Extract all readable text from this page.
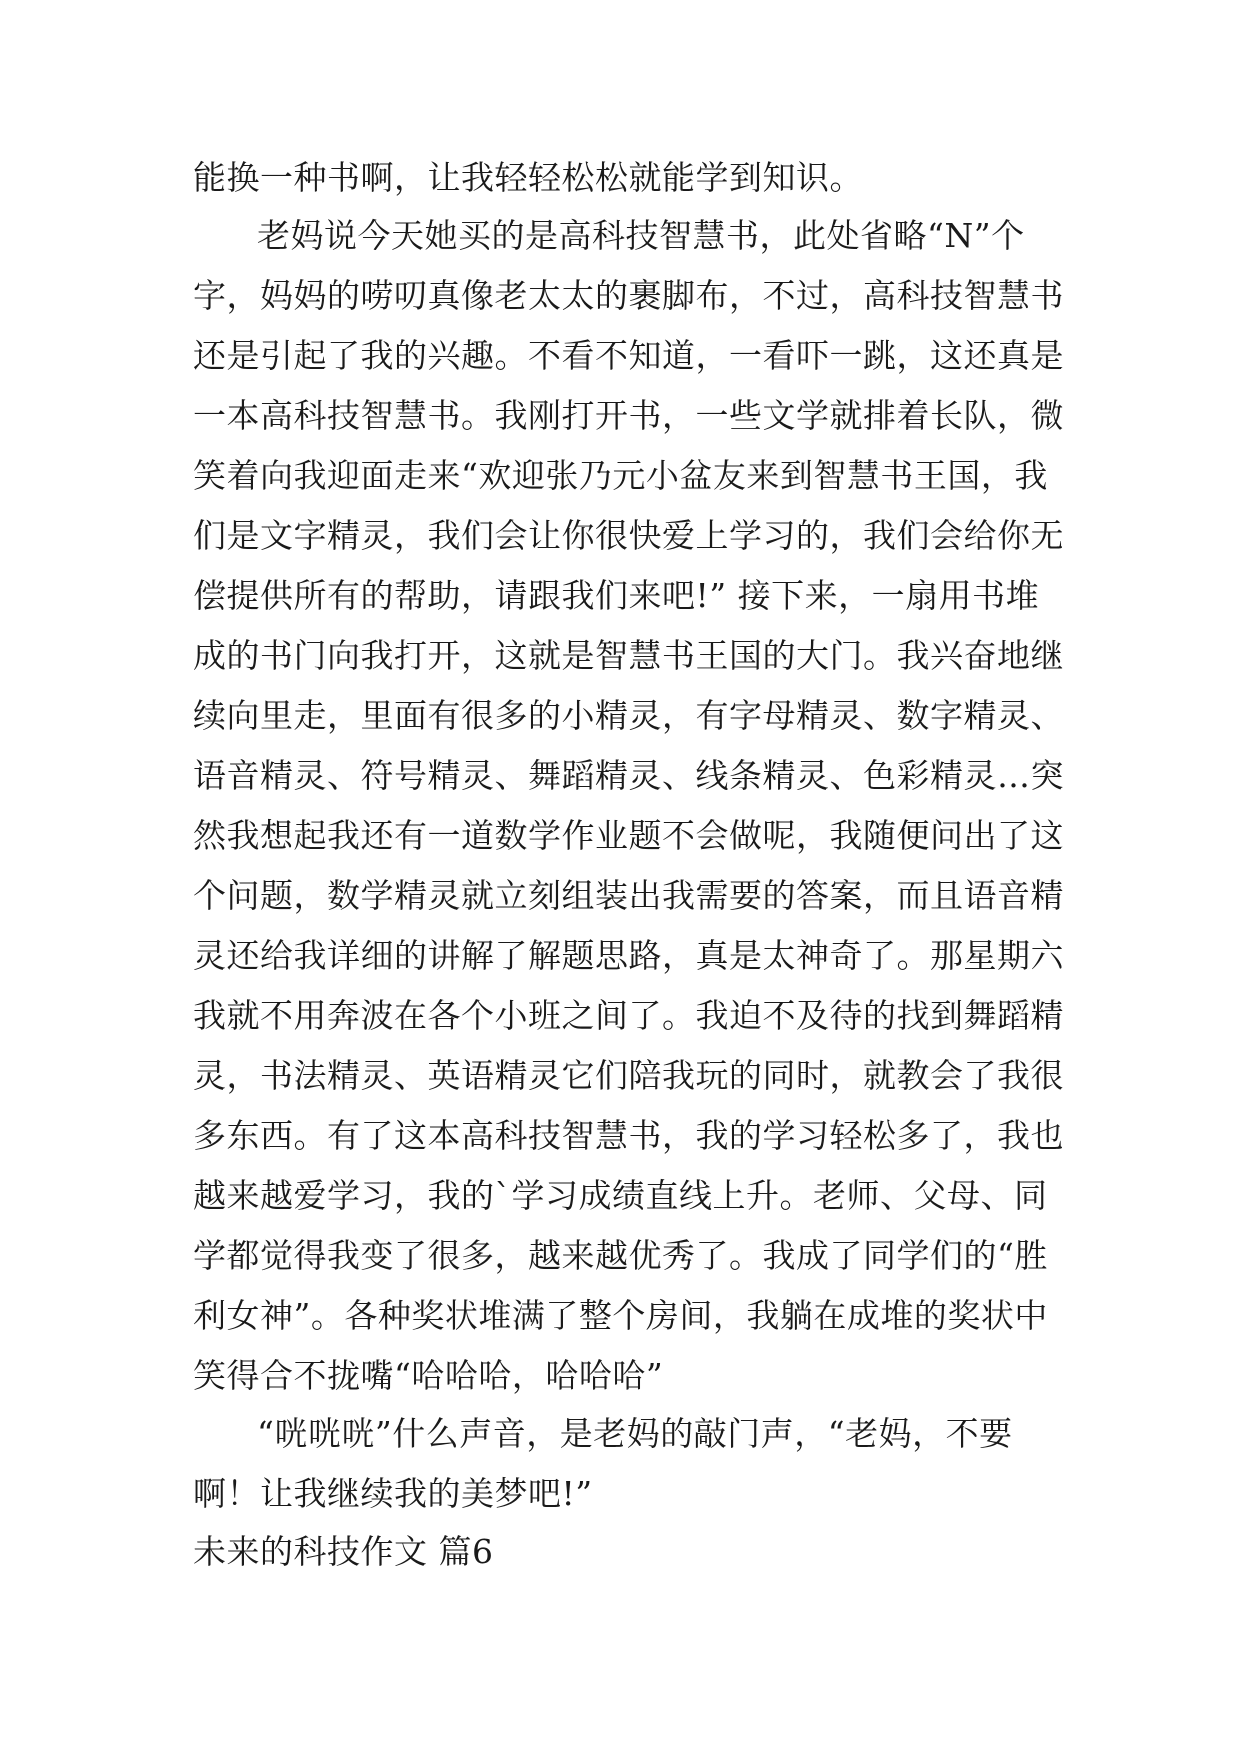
能换一种书啊，让我轻轻松松就能学到知识。
老妈说今天她买的是高科技智慧书，此处省略“N”个
字，妈妈的唠叨真像老太太的裹脚布，不过，高科技智慧书
还是引起了我的兴趣。不看不知道，一看吓一跳，这还真是
一本高科技智慧书。我刚打开书，一些文学就排着长队，微
笑着向我迎面走来“欢迎张乃元小盆友来到智慧书王国，我
们是文字精灵，我们会让你很快爱上学习的，我们会给你无
偿提供所有的帮助，请跟我们来吧!” 接下来，一扇用书堆
成的书门向我打开，这就是智慧书王国的大门。我兴奋地继
续向里走，里面有很多的小精灵，有字母精灵、数字精灵、
语音精灵、符号精灵、舞蹈精灵、线条精灵、色彩精灵…突
然我想起我还有一道数学作业题不会做呢，我随便问出了这
个问题，数学精灵就立刻组装出我需要的答案，而且语音精
灵还给我详细的讲解了解题思路，真是太神奇了。那星期六
我就不用奔波在各个小班之间了。我迫不及待的找到舞蹈精
灵，书法精灵、英语精灵它们陪我玩的同时，就教会了我很
多东西。有了这本高科技智慧书，我的学习轻松多了，我也
越来越爱学习，我的`学习成绩直线上升。老师、父母、同
学都觉得我变了很多，越来越优秀了。我成了同学们的“胜
利女神”。各种奖状堆满了整个房间，我躺在成堆的奖状中
笑得合不拢嘴“哈哈哈，哈哈哈”
“咣咣咣”什么声音，是老妈的敲门声，“老妈，不要
啊！让我继续我的美梦吧!”
未来的科技作文 篇6
